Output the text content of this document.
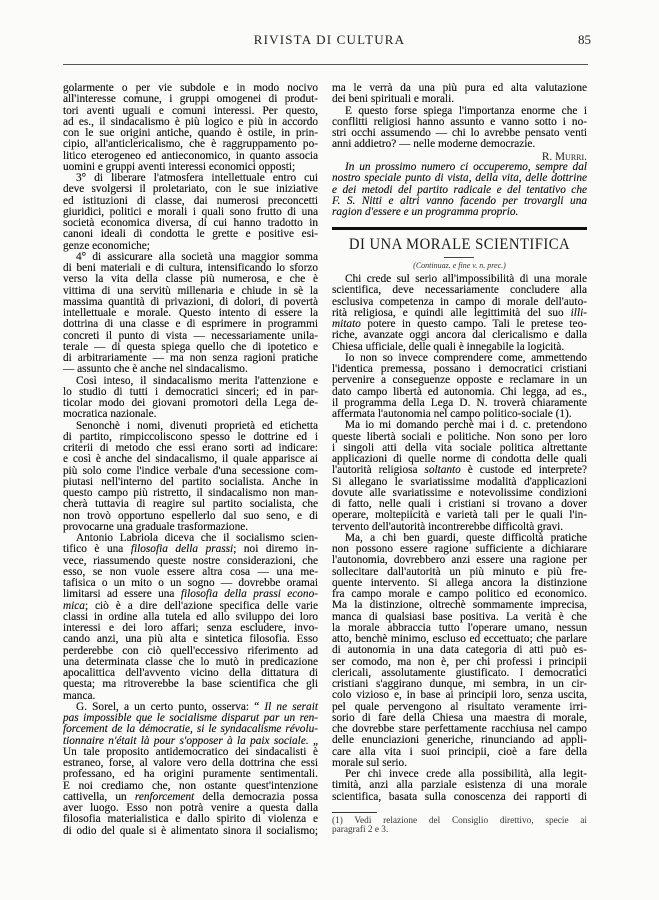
RIVISTA DI CULTURA	85
golarmente o per vie subdole e in modo nocivo
all'interesse comune, i gruppi omogenei di produt-
tori aventi uguali e comuni interessi. Per questo,
ad es., il sindacalismo è più logico e più in accordo
con le sue origini antiche, quando è ostile, in prin-
cipio, all'anticlericalismo, che è raggruppamento po-
litico eterogeneo ed antieconomico, in quanto associa
uomini e gruppi aventi interessi economici opposti;
3° di liberare l'atmosfera intellettuale entro cui
deve svolgersi il proletariato, con le sue iniziative
ed istituzioni di classe, dai numerosi preconcetti
giuridici, politici e morali i quali sono frutto di una
società economica diversa, di cui hanno tradotto in
canoni ideali di condotta le grette e positive esi-
genze economiche;
4° di assicurare alla società una maggior somma
di beni materiali e di cultura, intensificando lo sforzo
verso la vita della classe più numerosa, e che è
vittima di una servitù millenaria e chiude in sè la
massima quantità di privazioni, di dolori, di povertà
intellettuale e morale. Questo intento di essere la
dottrina di una classe e di esprimere in programmi
concreti il punto di vista — necessariamente unila-
terale — di questa spiega quello che di ipotetico e
di arbitrariamente — ma non senza ragioni pratiche
— assunto che è anche nel sindacalismo.
Così inteso, il sindacalismo merita l'attenzione e
lo studio di tutti i democratici sinceri; ed in par-
ticolar modo dei giovani promotori della Lega de-
mocratica nazionale.
Senonchè i nomi, divenuti proprietà ed etichetta
di partito, rimpiccoliscono spesso le dottrine ed i
criterii di metodo che essi erano sorti ad indicare:
e così è anche del sindacalismo, il quale apparisce ai
più solo come l'indice verbale d'una secessione com-
piutasi nell'interno del partito socialista. Anche in
questo campo più ristretto, il sindacalismo non man-
cherà tuttavia di reagire sul partito socialista, che
non trovò opportuno espellerlo dal suo seno, e di
provocarne una graduale trasformazione.
Antonio Labriola diceva che il socialismo scien-
tifico è una filosofia della prassi; noi diremo in-
vece, riassumendo queste nostre considerazioni, che
esso, se non vuole essere altra cosa — una me-
tafisica o un mito o un sogno — dovrebbe oramai
limitarsi ad essere una filosofia della prassi econo-
mica; ciò è a dire dell'azione specifica delle varie
classi in ordine alla tutela ed allo sviluppo dei loro
interessi e dei loro affari; senza escludere, invo-
cando anzi, una più alta e sintetica filosofia. Esso
perderebbe con ciò quell'eccessivo riferimento ad
una determinata classe che lo mutò in predicazione
apocalittica dell'avvento vicino della dittatura di
questa; ma ritroverebbe la base scientifica che gli
manca.
G. Sorel, a un certo punto, osserva: “ Il ne serait
pas impossible que le socialisme disparut par un ren-
forcement de la démocratie, si le syndacalisme révolu-
tionnaire n'était là pour s'opposer à la paix sociale. „
Un tale proposito antidemocratico dei sindacalisti è
estraneo, forse, al valore vero della dottrina che essi
professano, ed ha origini puramente sentimentali.
E noi crediamo che, non ostante quest'intenzione
cattivella, un renforcement della democrazia possa
aver luogo. Esso non potrà venire a questa dalla
filosofia materialistica e dallo spirito di violenza e
di odio del quale si è alimentato sinora il socialismo;
ma le verrà da una più pura ed alta valutazione
dei beni spirituali e morali.
E questo forse spiega l'importanza enorme che i
conflitti religiosi hanno assunto e vanno sotto i no-
stri occhi assumendo — chi lo avrebbe pensato venti
anni addietro? — nelle moderne democrazie.
R. Murri.
In un prossimo numero ci occuperemo, sempre dal
nostro speciale punto di vista, della vita, delle dottrine
e dei metodi del partito radicale e del tentativo che
F. S. Nitti e altri vanno facendo per trovargli una
ragion d'essere e un programma proprio.
DI UNA MORALE SCIENTIFICA
(Continuaz. e fine v. n. prec.)
Chi crede sul serio all'impossibilità di una morale
scientifica, deve necessariamente concludere alla
esclusiva competenza in campo di morale dell'auto-
rità religiosa, e quindi alle legittimità del suo illi-
mitato potere in questo campo. Tali le pretese teo-
riche, avanzate oggi ancora dal clericalismo e dalla
Chiesa ufficiale, delle quali è innegabile la logicità.
Io non so invece comprendere come, ammettendo
l'identica premessa, possano i democratici cristiani
pervenire a conseguenze opposte e reclamare in un
dato campo libertà ed autonomia. Chi legga, ad es.,
il programma della Lega D. N. troverà chiaramente
affermata l'autonomia nel campo politico-sociale (1).
Ma io mi domando perchè mai i d. c. pretendono
queste libertà sociali e politiche. Non sono per loro
i singoli atti della vita sociale politica altrettante
applicazioni di quelle norme di condotta delle quali
l'autorità religiosa soltanto è custode ed interprete?
Si allegano le svariatissime modalità d'applicazioni
dovute alle svariatissime e notevolissime condizioni
di fatto, nelle quali i cristiani si trovano a dover
operare, moltepiicità e varietà tali per le quali l'in-
tervento dell'autorità incontrerebbe difficoltà gravi.
Ma, a chi ben guardi, queste difficoltà pratiche
non possono essere ragione sufficiente a dichiarare
l'autonomia, dovrebbero anzi essere una ragione per
sollecitare dall'autorità un più minuto e più fre-
quente intervento. Si allega ancora la distinzione
fra campo morale e campo politico ed economico.
Ma la distinzione, oltrechè sommamente imprecisa,
manca di qualsiasi base positiva. La verità è che
la morale abbraccia tutto l'operare umano, nessun
atto, benchè minimo, escluso ed eccettuato; che parlare
di autonomia in una data categoria di atti può es-
ser comodo, ma non è, per chi professi i principii
clericali, assolutamente giustificato. I democratici
cristiani s'aggirano dunque, mi sembra, in un cir-
colo vizioso e, in base ai principii loro, senza uscita,
pel quale pervengono al risultato veramente irri-
sorio di fare della Chiesa una maestra di morale,
che dovrebbe stare perfettamente racchiusa nel campo
delle enunciazioni generiche, rinunciando ad appli-
care alla vita i suoi principii, cioè a fare della
morale sul serio.
Per chi invece crede alla possibilità, alla legit-
timità, anzi alla parziale esistenza di una morale
scientifica, basata sulla conoscenza dei rapporti di
(1) Vedi relazione del Consiglio direttivo, specie ai
paragrafi 2 e 3.
